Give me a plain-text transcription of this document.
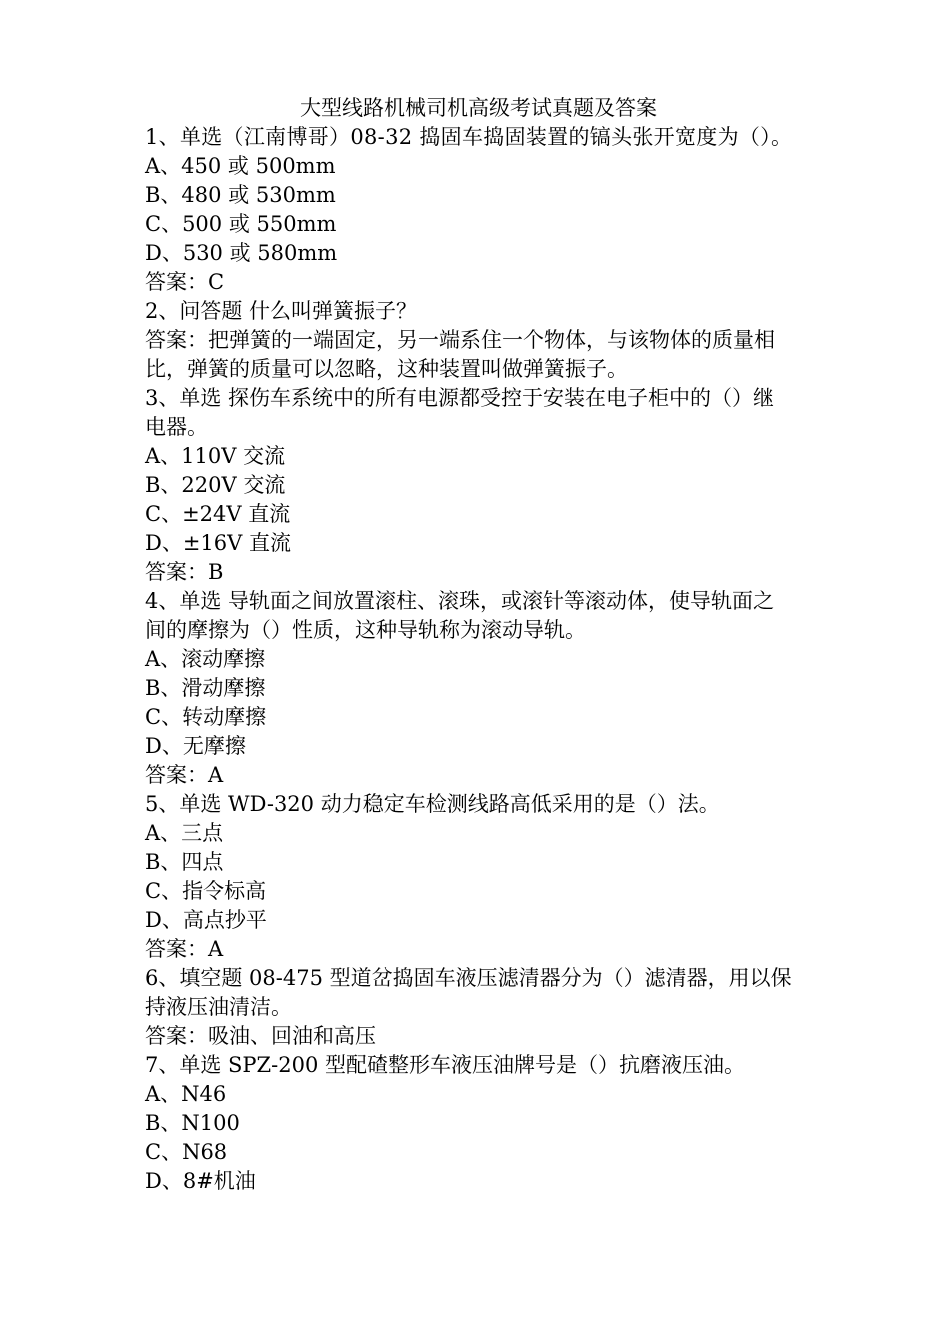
大型线路机械司机高级考试真题及答案
1、单选（江南博哥）08-32 捣固车捣固装置的镐头张开宽度为（）。
A、450 或 500mm
B、480 或 530mm
C、500 或 550mm
D、530 或 580mm
答案：C
2、问答题 什么叫弹簧振子？
答案：把弹簧的一端固定，另一端系住一个物体，与该物体的质量相
比，弹簧的质量可以忽略，这种装置叫做弹簧振子。
3、单选 探伤车系统中的所有电源都受控于安装在电子柜中的（）继
电器。
A、110V 交流
B、220V 交流
C、±24V 直流
D、±16V 直流
答案：B
4、单选 导轨面之间放置滚柱、滚珠，或滚针等滚动体，使导轨面之
间的摩擦为（）性质，这种导轨称为滚动导轨。
A、滚动摩擦
B、滑动摩擦
C、转动摩擦
D、无摩擦
答案：A
5、单选 WD-320 动力稳定车检测线路高低采用的是（）法。
A、三点
B、四点
C、指令标高
D、高点抄平
答案：A
6、填空题 08-475 型道岔捣固车液压滤清器分为（）滤清器，用以保
持液压油清洁。
答案：吸油、回油和高压
7、单选 SPZ-200 型配碴整形车液压油牌号是（）抗磨液压油。
A、N46
B、N100
C、N68
D、8#机油
